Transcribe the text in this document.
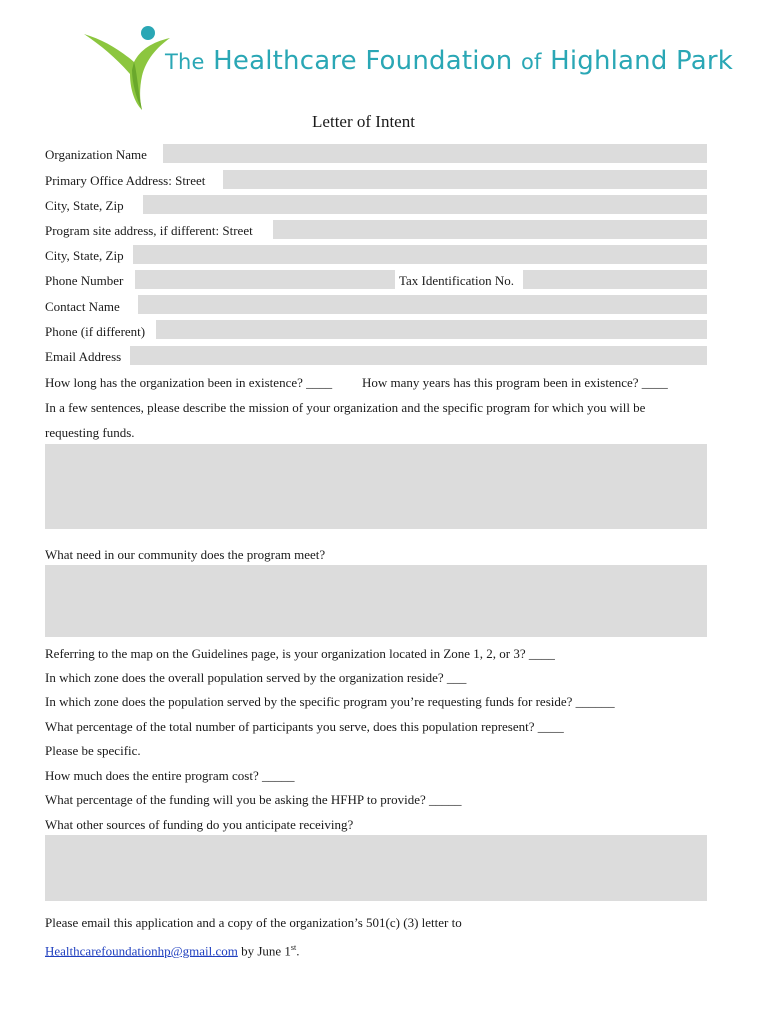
The Healthcare Foundation of Highland Park
Letter of Intent
Organization Name
Primary Office Address: Street
City, State, Zip
Program site address, if different: Street
City, State, Zip
Phone Number	Tax Identification No.
Contact Name
Phone (if different)
Email Address
How long has the organization been in existence? ____ How many years has this program been in existence? ____
In a few sentences, please describe the mission of your organization and the specific program for which you will be
requesting funds.
What need in our community does the program meet?
Referring to the map on the Guidelines page, is your organization located in Zone 1, 2, or 3? ____
In which zone does the overall population served by the organization reside? ___
In which zone does the population served by the specific program you’re requesting funds for reside? ______
What percentage of the total number of participants you serve, does this population represent? ____
Please be specific.
How much does the entire program cost? _____
What percentage of the funding will you be asking the HFHP to provide? _____
What other sources of funding do you anticipate receiving?
Please email this application and a copy of the organization’s 501(c) (3) letter to
Healthcarefoundationhp@gmail.com by June 1st.
